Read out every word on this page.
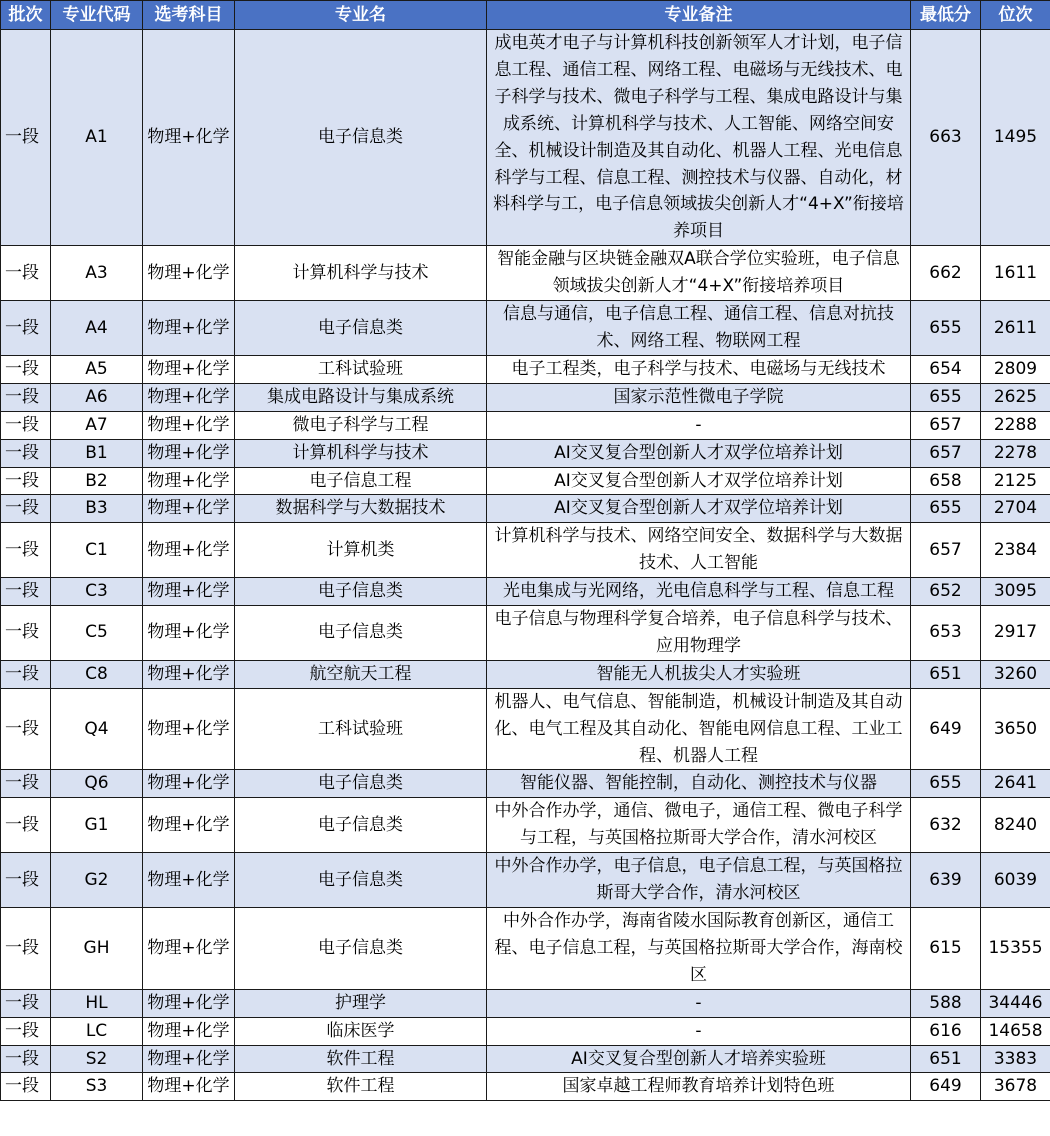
批次	专业代码	选考科目	专业名	专业备注	最低分	位次
一段	A1	物理+化学	电子信息类	成电英才电子与计算机科技创新领军人才计划，电子信息工程、通信工程、网络工程、电磁场与无线技术、电子科学与技术、微电子科学与工程、集成电路设计与集成系统、计算机科学与技术、人工智能、网络空间安全、机械设计制造及其自动化、机器人工程、光电信息科学与工程、信息工程、测控技术与仪器、自动化，材料科学与工，电子信息领域拔尖创新人才“4+X”衔接培养项目	663	1495
一段	A3	物理+化学	计算机科学与技术	智能金融与区块链金融双A联合学位实验班，电子信息领域拔尖创新人才“4+X”衔接培养项目	662	1611
一段	A4	物理+化学	电子信息类	信息与通信，电子信息工程、通信工程、信息对抗技术、网络工程、物联网工程	655	2611
一段	A5	物理+化学	工科试验班	电子工程类，电子科学与技术、电磁场与无线技术	654	2809
一段	A6	物理+化学	集成电路设计与集成系统	国家示范性微电子学院	655	2625
一段	A7	物理+化学	微电子科学与工程	-	657	2288
一段	B1	物理+化学	计算机科学与技术	AI交叉复合型创新人才双学位培养计划	657	2278
一段	B2	物理+化学	电子信息工程	AI交叉复合型创新人才双学位培养计划	658	2125
一段	B3	物理+化学	数据科学与大数据技术	AI交叉复合型创新人才双学位培养计划	655	2704
一段	C1	物理+化学	计算机类	计算机科学与技术、网络空间安全、数据科学与大数据技术、人工智能	657	2384
一段	C3	物理+化学	电子信息类	光电集成与光网络，光电信息科学与工程、信息工程	652	3095
一段	C5	物理+化学	电子信息类	电子信息与物理科学复合培养，电子信息科学与技术、应用物理学	653	2917
一段	C8	物理+化学	航空航天工程	智能无人机拔尖人才实验班	651	3260
一段	Q4	物理+化学	工科试验班	机器人、电气信息、智能制造，机械设计制造及其自动化、电气工程及其自动化、智能电网信息工程、工业工程、机器人工程	649	3650
一段	Q6	物理+化学	电子信息类	智能仪器、智能控制，自动化、测控技术与仪器	655	2641
一段	G1	物理+化学	电子信息类	中外合作办学，通信、微电子，通信工程、微电子科学与工程，与英国格拉斯哥大学合作，清水河校区	632	8240
一段	G2	物理+化学	电子信息类	中外合作办学，电子信息，电子信息工程，与英国格拉斯哥大学合作，清水河校区	639	6039
一段	GH	物理+化学	电子信息类	中外合作办学，海南省陵水国际教育创新区，通信工程、电子信息工程，与英国格拉斯哥大学合作，海南校区	615	15355
一段	HL	物理+化学	护理学	-	588	34446
一段	LC	物理+化学	临床医学	-	616	14658
一段	S2	物理+化学	软件工程	AI交叉复合型创新人才培养实验班	651	3383
一段	S3	物理+化学	软件工程	国家卓越工程师教育培养计划特色班	649	3678
